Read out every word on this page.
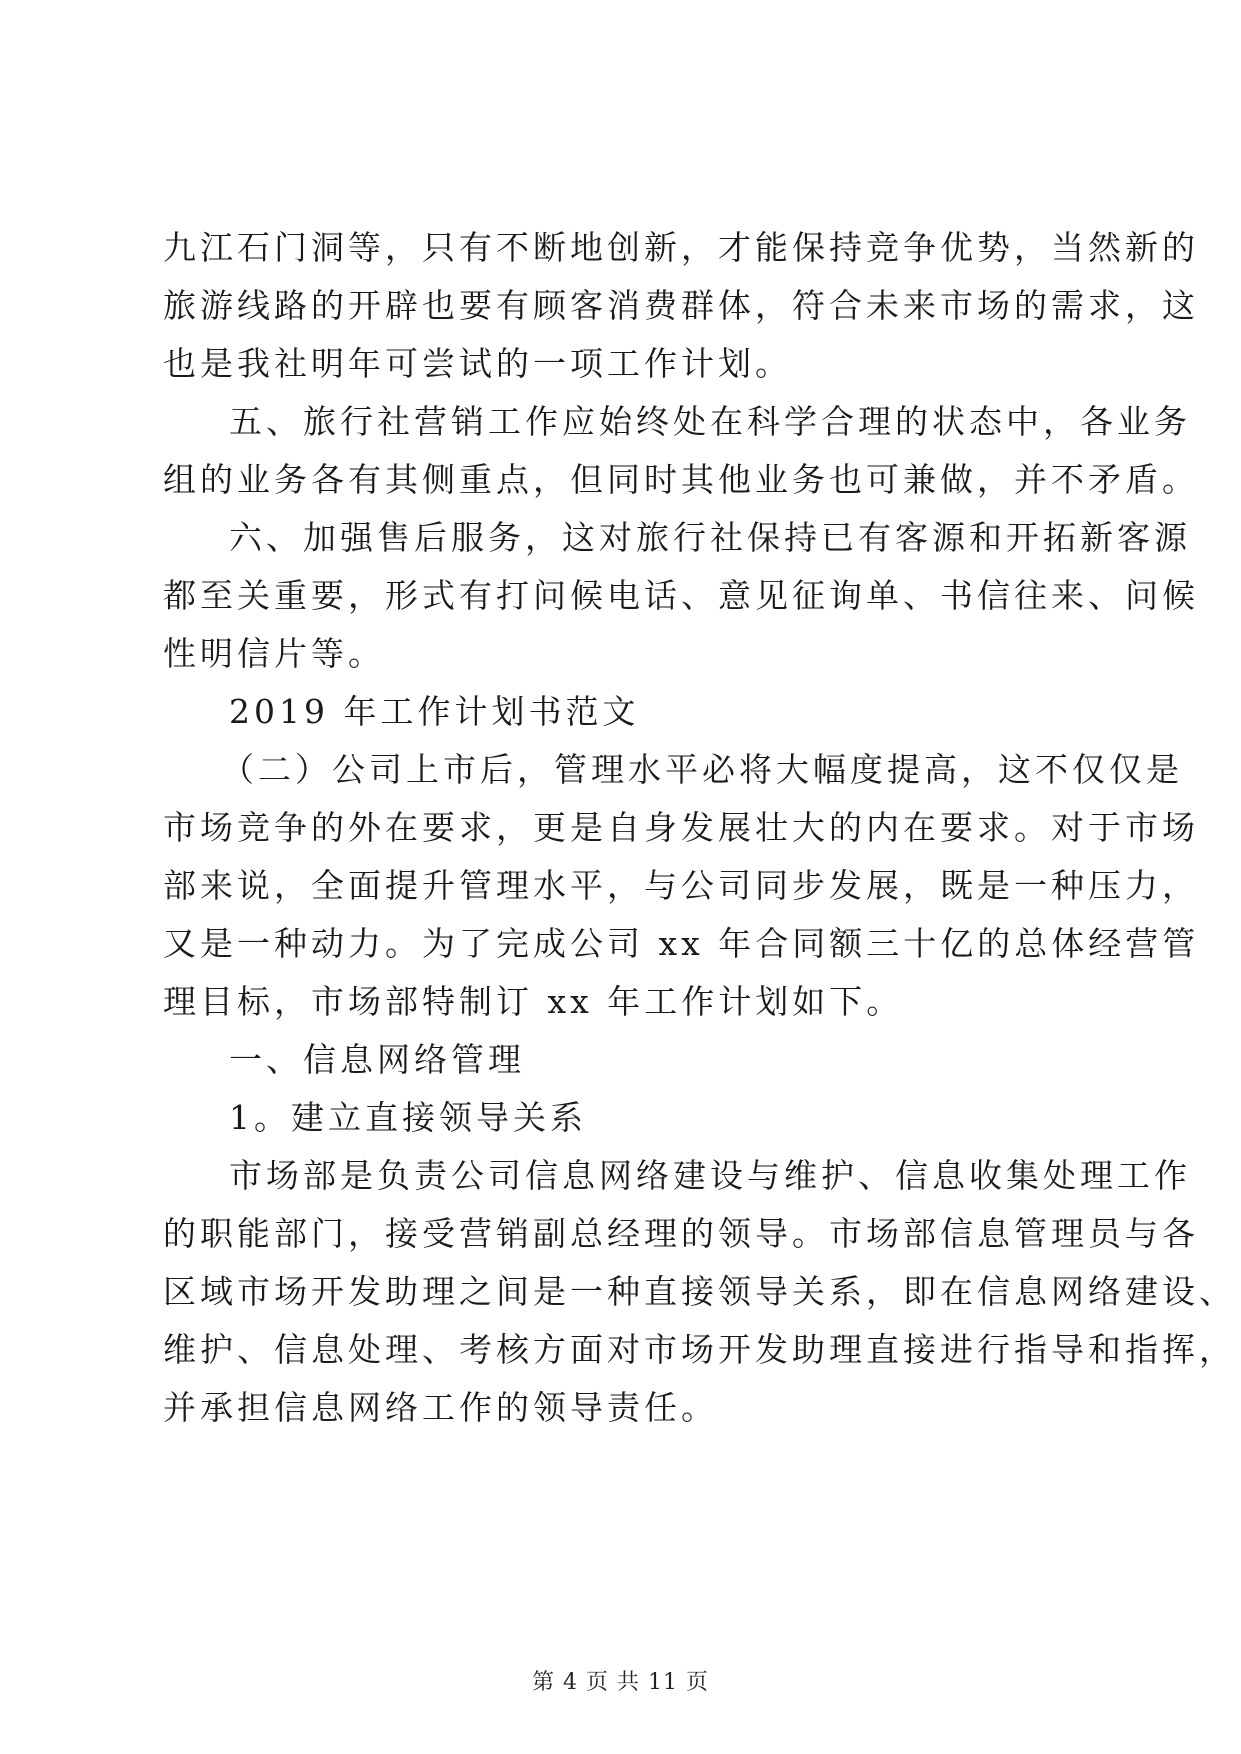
九江石门洞等，只有不断地创新，才能保持竞争优势，当然新的
旅游线路的开辟也要有顾客消费群体，符合未来市场的需求，这
也是我社明年可尝试的一项工作计划。
五、旅行社营销工作应始终处在科学合理的状态中，各业务
组的业务各有其侧重点，但同时其他业务也可兼做，并不矛盾。
六、加强售后服务，这对旅行社保持已有客源和开拓新客源
都至关重要，形式有打问候电话、意见征询单、书信往来、问候
性明信片等。
2019 年工作计划书范文
（二）公司上市后，管理水平必将大幅度提高，这不仅仅是
市场竞争的外在要求，更是自身发展壮大的内在要求。对于市场
部来说，全面提升管理水平，与公司同步发展，既是一种压力，
又是一种动力。为了完成公司 xx 年合同额三十亿的总体经营管
理目标，市场部特制订 xx 年工作计划如下。
一、信息网络管理
1。建立直接领导关系
市场部是负责公司信息网络建设与维护、信息收集处理工作
的职能部门，接受营销副总经理的领导。市场部信息管理员与各
区域市场开发助理之间是一种直接领导关系，即在信息网络建设、
维护、信息处理、考核方面对市场开发助理直接进行指导和指挥，
并承担信息网络工作的领导责任。
第 4 页 共 11 页
